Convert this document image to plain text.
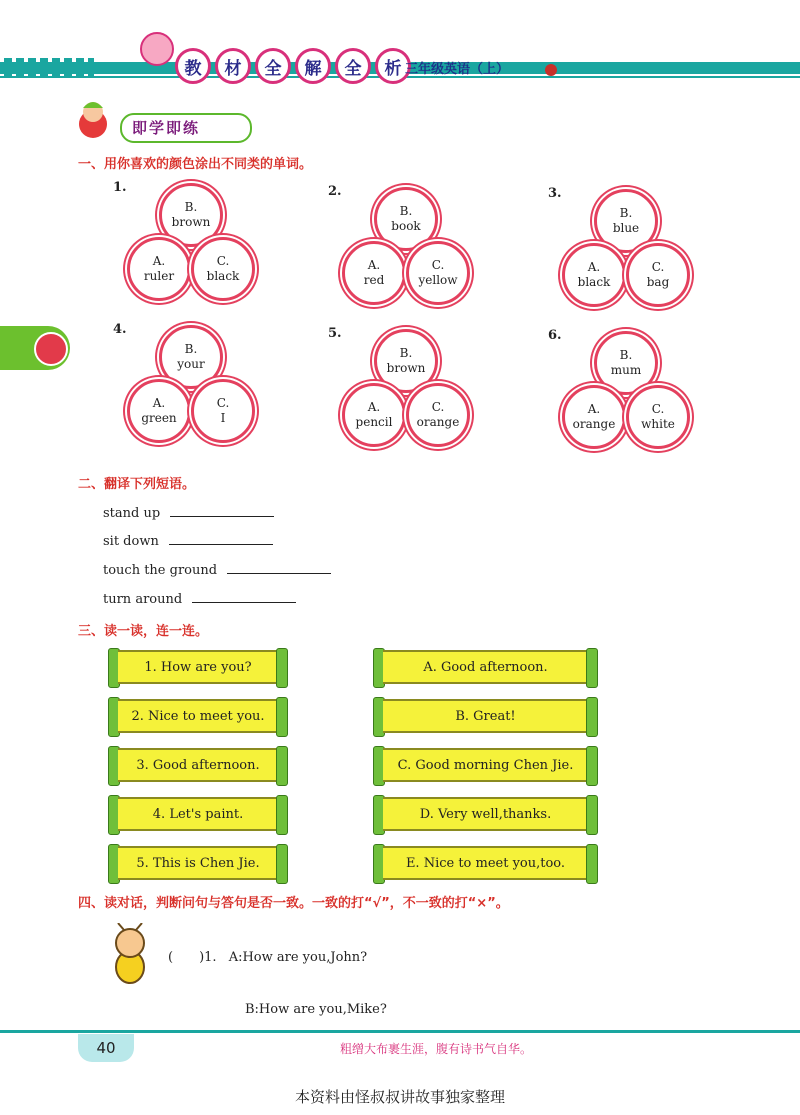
教	材	全	解	全	析 三年级英语（上）
即学即练
一、用你喜欢的颜色涂出不同类的单词。
1.
B.
brown
A.
ruler
C.
black
2.
B.
book
A.
red
C.
yellow
3.
B.
blue
A.
black
C.
bag
4.
B.
your
A.
green
C.
I
5.
B.
brown
A.
pencil
C.
orange
6.
B.
mum
A.
orange
C.
white
二、翻译下列短语。
stand up
sit down
touch the ground
turn around
三、读一读，连一连。
1. How are you?
2. Nice to meet you.
3. Good afternoon.
4. Let's paint.
5. This is Chen Jie.
A. Good afternoon.
B. Great!
C. Good morning Chen Jie.
D. Very well,thanks.
E. Nice to meet you,too.
四、读对话，判断问句与答句是否一致。一致的打“√”，不一致的打“×”。
(　　)1. A:How are you,John?
B:How are you,Mike?
40	粗缯大布裹生涯，腹有诗书气自华。
本资料由怪叔叔讲故事独家整理
